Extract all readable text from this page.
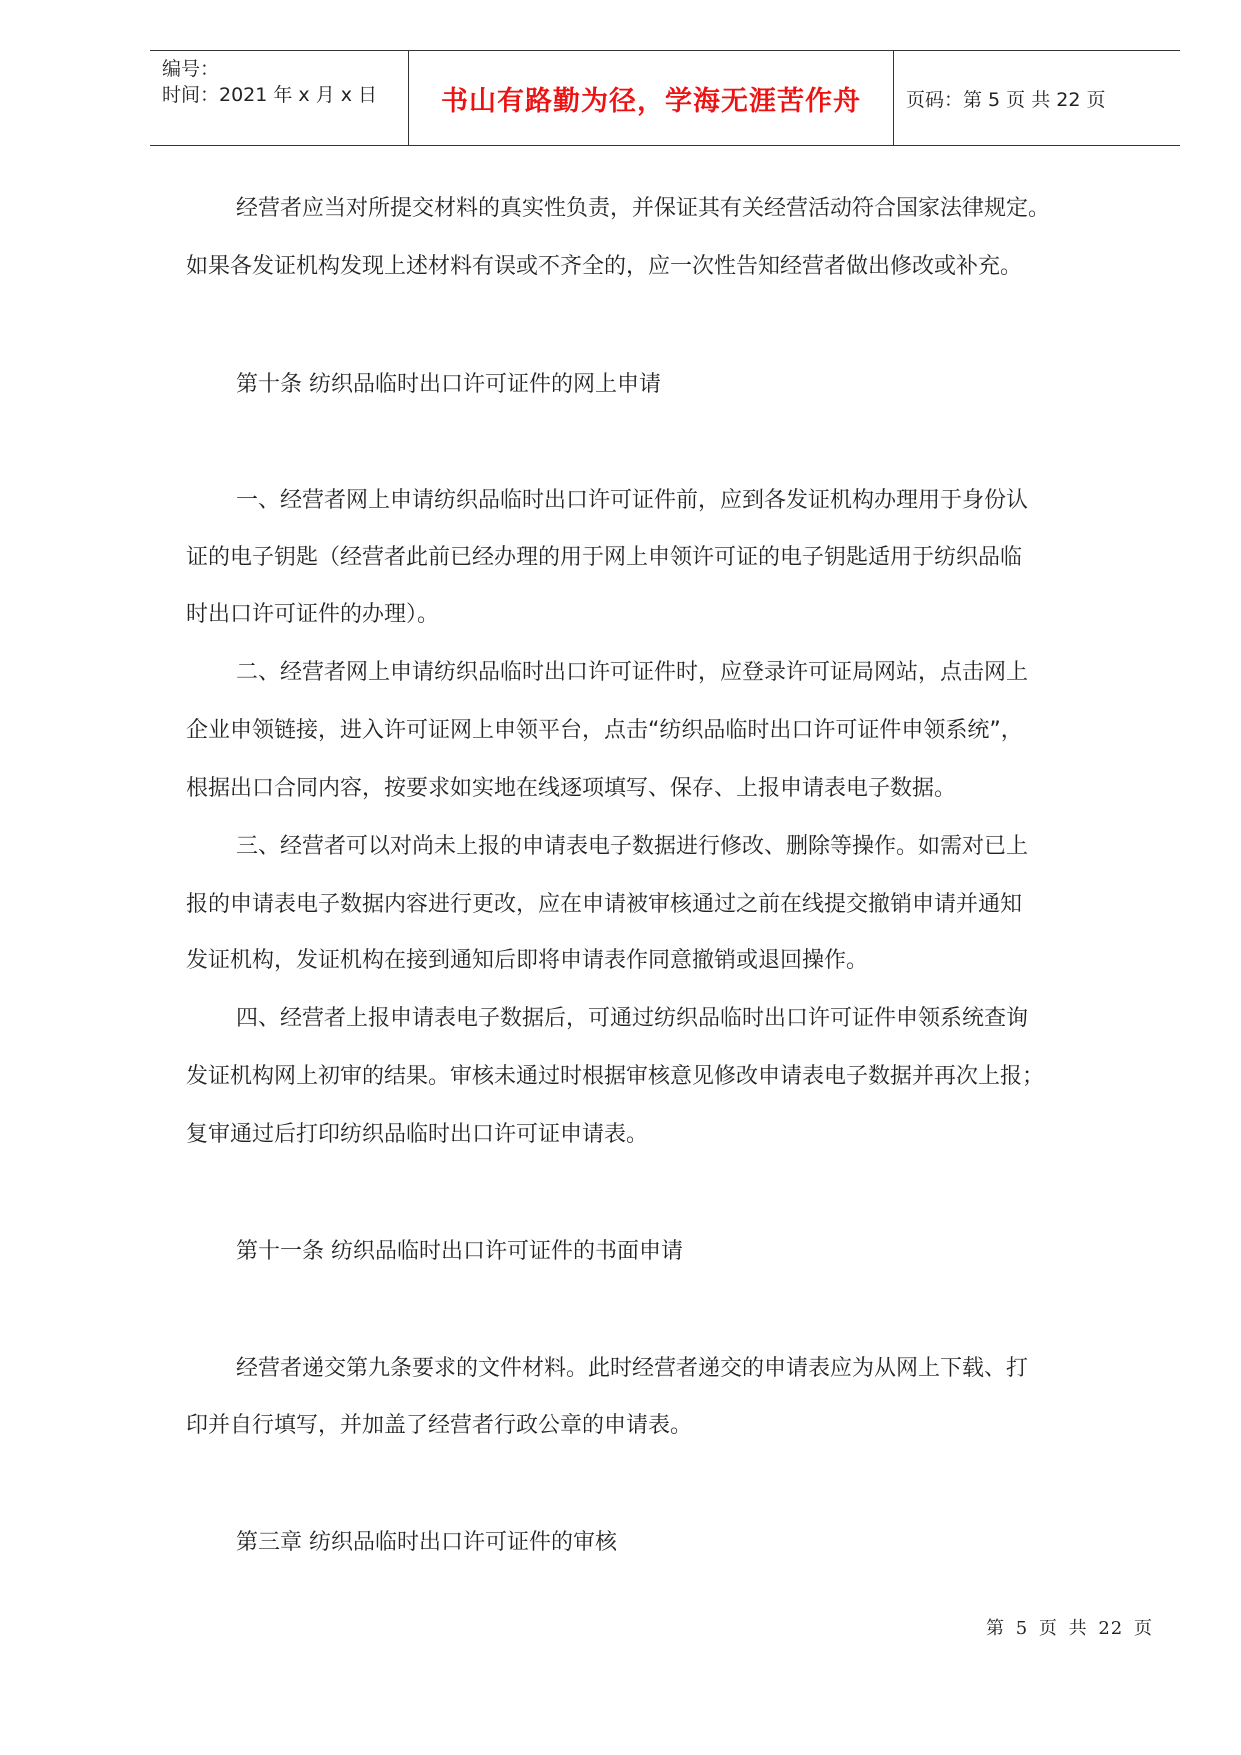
编号：
时间：2021 年 x 月 x 日	书山有路勤为径，学海无涯苦作舟	页码：第 5 页 共 22 页
经营者应当对所提交材料的真实性负责，并保证其有关经营活动符合国家法律规定。
如果各发证机构发现上述材料有误或不齐全的，应一次性告知经营者做出修改或补充。
第十条 纺织品临时出口许可证件的网上申请
一、经营者网上申请纺织品临时出口许可证件前，应到各发证机构办理用于身份认
证的电子钥匙（经营者此前已经办理的用于网上申领许可证的电子钥匙适用于纺织品临
时出口许可证件的办理）。
二、经营者网上申请纺织品临时出口许可证件时，应登录许可证局网站，点击网上
企业申领链接，进入许可证网上申领平台，点击“纺织品临时出口许可证件申领系统”，
根据出口合同内容，按要求如实地在线逐项填写、保存、上报申请表电子数据。
三、经营者可以对尚未上报的申请表电子数据进行修改、删除等操作。如需对已上
报的申请表电子数据内容进行更改，应在申请被审核通过之前在线提交撤销申请并通知
发证机构，发证机构在接到通知后即将申请表作同意撤销或退回操作。
四、经营者上报申请表电子数据后，可通过纺织品临时出口许可证件申领系统查询
发证机构网上初审的结果。审核未通过时根据审核意见修改申请表电子数据并再次上报；
复审通过后打印纺织品临时出口许可证申请表。
第十一条 纺织品临时出口许可证件的书面申请
经营者递交第九条要求的文件材料。此时经营者递交的申请表应为从网上下载、打
印并自行填写，并加盖了经营者行政公章的申请表。
第三章 纺织品临时出口许可证件的审核
第 5 页 共 22 页
